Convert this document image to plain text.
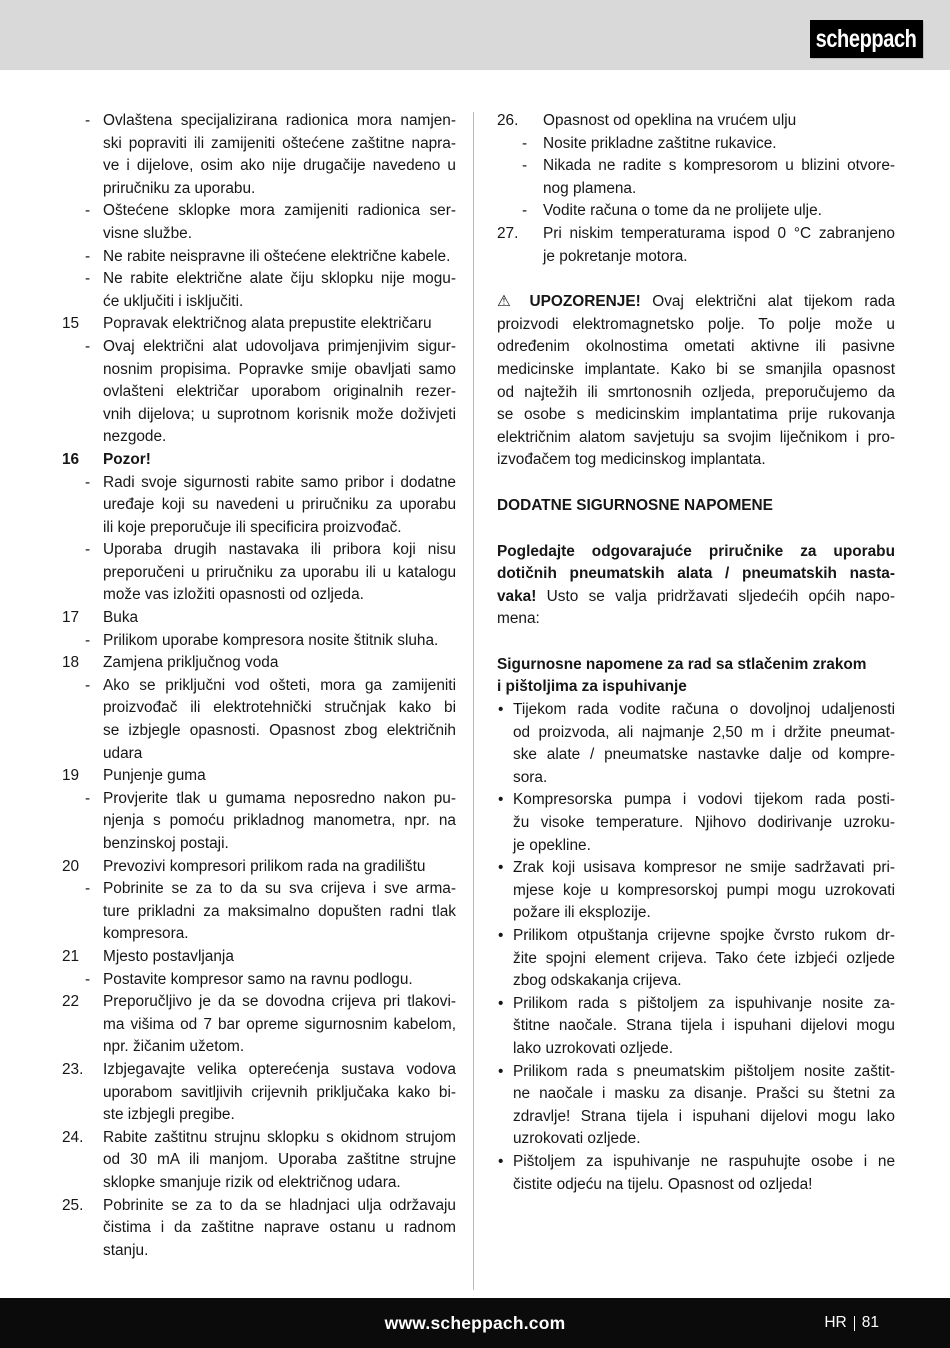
scheppach
- Ovlaštena specijalizirana radionica mora namjen-
ski popraviti ili zamijeniti oštećene zaštitne napra-
ve i dijelove, osim ako nije drugačije navedeno u
priručniku za uporabu.
- Oštećene sklopke mora zamijeniti radionica ser-
visne službe.
- Ne rabite neispravne ili oštećene električne kabele.
- Ne rabite električne alate čiju sklopku nije mogu-
će uključiti i isključiti.
15 Popravak električnog alata prepustite električaru
- Ovaj električni alat udovoljava primjenjivim sigur-
nosnim propisima. Popravke smije obavljati samo
ovlašteni električar uporabom originalnih rezer-
vnih dijelova; u suprotnom korisnik može doživjeti
nezgode.
16 Pozor!
- Radi svoje sigurnosti rabite samo pribor i dodatne
uređaje koji su navedeni u priručniku za uporabu
ili koje preporučuje ili specificira proizvođač.
- Uporaba drugih nastavaka ili pribora koji nisu
preporučeni u priručniku za uporabu ili u katalogu
može vas izložiti opasnosti od ozljeda.
17 Buka
- Prilikom uporabe kompresora nosite štitnik sluha.
18 Zamjena priključnog voda
- Ako se priključni vod ošteti, mora ga zamijeniti
proizvođač ili elektrotehnički stručnjak kako bi
se izbjegle opasnosti. Opasnost zbog električnih
udara
19 Punjenje guma
- Provjerite tlak u gumama neposredno nakon pu-
njenja s pomoću prikladnog manometra, npr. na
benzinskoj postaji.
20 Prevozivi kompresori prilikom rada na gradilištu
- Pobrinite se za to da su sva crijeva i sve arma-
ture prikladni za maksimalno dopušten radni tlak
kompresora.
21 Mjesto postavljanja
- Postavite kompresor samo na ravnu podlogu.
22 Preporučljivo je da se dovodna crijeva pri tlakovi-
ma višima od 7 bar opreme sigurnosnim kabelom,
npr. žičanim užetom.
23. Izbjegavajte velika opterećenja sustava vodova
uporabom savitljivih crijevnih priključaka kako bi-
ste izbjegli pregibe.
24. Rabite zaštitnu strujnu sklopku s okidnom strujom
od 30 mA ili manjom. Uporaba zaštitne strujne
sklopke smanjuje rizik od električnog udara.
25. Pobrinite se za to da se hladnjaci ulja održavaju
čistima i da zaštitne naprave ostanu u radnom
stanju.
26. Opasnost od opeklina na vrućem ulju
- Nosite prikladne zaštitne rukavice.
- Nikada ne radite s kompresorom u blizini otvore-
nog plamena.
- Vodite računa o tome da ne prolijete ulje.
27. Pri niskim temperaturama ispod 0 °C zabranjeno
je pokretanje motora.
⚠ UPOZORENJE! Ovaj električni alat tijekom rada
proizvodi elektromagnetsko polje. To polje može u
određenim okolnostima ometati aktivne ili pasivne
medicinske implantate. Kako bi se smanjila opasnost
od najtežih ili smrtonosnih ozljeda, preporučujemo da
se osobe s medicinskim implantatima prije rukovanja
električnim alatom savjetuju sa svojim liječnikom i pro-
izvođačem tog medicinskog implantata.
DODATNE SIGURNOSNE NAPOMENE
Pogledajte odgovarajuće priručnike za uporabu
dotičnih pneumatskih alata / pneumatskih nasta-
vaka! Usto se valja pridržavati sljedećih općih napo-
mena:
Sigurnosne napomene za rad sa stlačenim zrakom
i pištoljima za ispuhivanje
• Tijekom rada vodite računa o dovoljnoj udaljenosti
od proizvoda, ali najmanje 2,50 m i držite pneumat-
ske alate / pneumatske nastavke dalje od kompre-
sora.
• Kompresorska pumpa i vodovi tijekom rada posti-
žu visoke temperature. Njihovo dodirivanje uzroku-
je opekline.
• Zrak koji usisava kompresor ne smije sadržavati pri-
mjese koje u kompresorskoj pumpi mogu uzrokovati
požare ili eksplozije.
• Prilikom otpuštanja crijevne spojke čvrsto rukom dr-
žite spojni element crijeva. Tako ćete izbjeći ozljede
zbog odskakanja crijeva.
• Prilikom rada s pištoljem za ispuhivanje nosite za-
štitne naočale. Strana tijela i ispuhani dijelovi mogu
lako uzrokovati ozljede.
• Prilikom rada s pneumatskim pištoljem nosite zaštit-
ne naočale i masku za disanje. Prašci su štetni za
zdravlje! Strana tijela i ispuhani dijelovi mogu lako
uzrokovati ozljede.
• Pištoljem za ispuhivanje ne raspuhujte osobe i ne
čistite odjeću na tijelu. Opasnost od ozljeda!
www.scheppach.com	HR 81
